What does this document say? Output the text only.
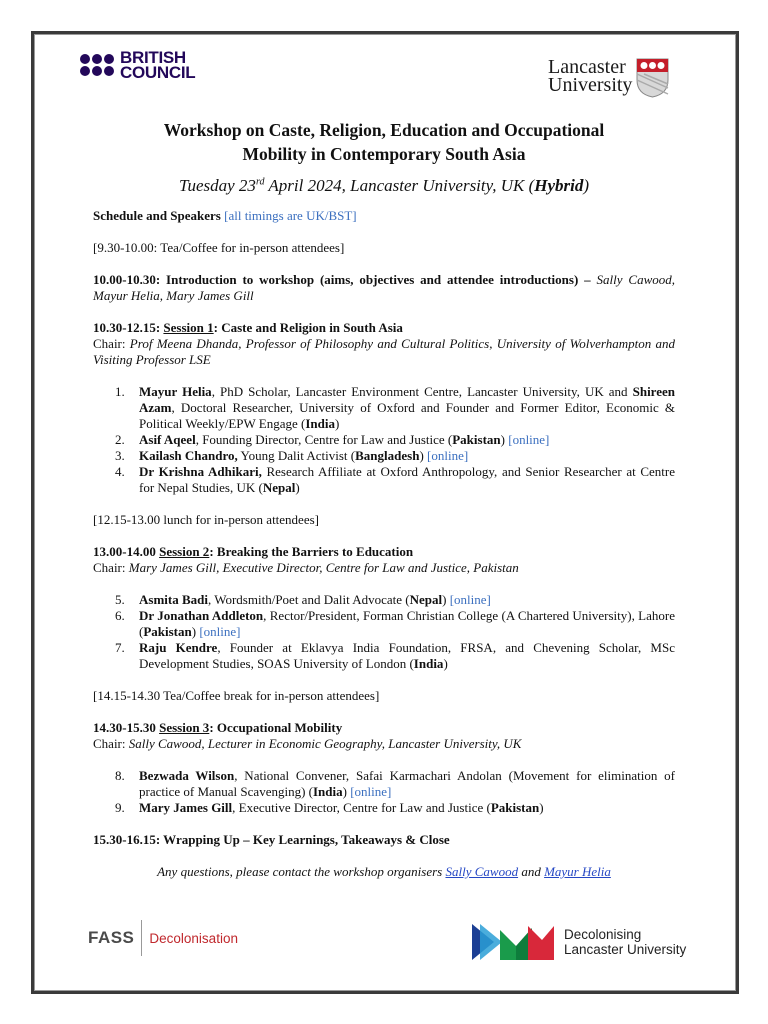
BRITISH
COUNCIL	Lancaster
University
Workshop on Caste, Religion, Education and Occupational
Mobility in Contemporary South Asia
Tuesday 23rd April 2024, Lancaster University, UK (Hybrid)
Schedule and Speakers [all timings are UK/BST]
[9.30-10.00: Tea/Coffee for in-person attendees]
10.00-10.30: Introduction to workshop (aims, objectives and attendee introductions) – Sally Cawood, Mayur Helia, Mary James Gill
10.30-12.15: Session 1: Caste and Religion in South Asia
Chair: Prof Meena Dhanda, Professor of Philosophy and Cultural Politics, University of Wolverhampton and Visiting Professor LSE
1.	Mayur Helia, PhD Scholar, Lancaster Environment Centre, Lancaster University, UK and Shireen Azam, Doctoral Researcher, University of Oxford and Founder and Former Editor, Economic & Political Weekly/EPW Engage (India)
2.	Asif Aqeel, Founding Director, Centre for Law and Justice (Pakistan) [online]
3.	Kailash Chandro, Young Dalit Activist (Bangladesh) [online]
4.	Dr Krishna Adhikari, Research Affiliate at Oxford Anthropology, and Senior Researcher at Centre for Nepal Studies, UK (Nepal)
[12.15-13.00 lunch for in-person attendees]
13.00-14.00 Session 2: Breaking the Barriers to Education
Chair: Mary James Gill, Executive Director, Centre for Law and Justice, Pakistan
5.	Asmita Badi, Wordsmith/Poet and Dalit Advocate (Nepal) [online]
6.	Dr Jonathan Addleton, Rector/President, Forman Christian College (A Chartered University), Lahore (Pakistan) [online]
7.	Raju Kendre, Founder at Eklavya India Foundation, FRSA, and Chevening Scholar, MSc Development Studies, SOAS University of London (India)
[14.15-14.30 Tea/Coffee break for in-person attendees]
14.30-15.30 Session 3: Occupational Mobility
Chair: Sally Cawood, Lecturer in Economic Geography, Lancaster University, UK
8.	Bezwada Wilson, National Convener, Safai Karmachari Andolan (Movement for elimination of practice of Manual Scavenging) (India) [online]
9.	Mary James Gill, Executive Director, Centre for Law and Justice (Pakistan)
15.30-16.15: Wrapping Up – Key Learnings, Takeaways & Close
Any questions, please contact the workshop organisers Sally Cawood and Mayur Helia
FASS Decolonisation	Decolonising
Lancaster University
